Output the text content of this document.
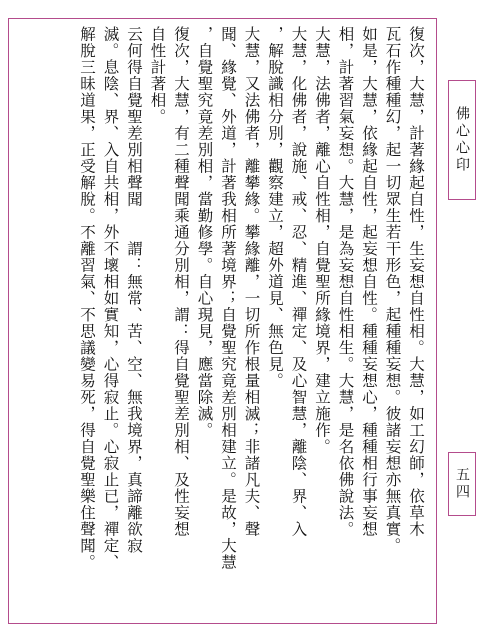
復次，大慧，計著緣起自性，生妄想自性相。大慧，如工幻師，依草木
瓦石作種種幻，起一切眾生若干形色，起種種妄想。彼諸妄想亦無真實。
如是，大慧，依緣起自性，起妄想自性。種種妄想心，種種相行事妄想
相，計著習氣妄想。大慧，是為妄想自性相生。大慧，是名依佛說法。
大慧，法佛者，離心自性相，自覺聖所緣境界，建立施作。
大慧，化佛者，說施、戒、忍、精進、禪定、及心智慧，離陰、界、入
，解脫識相分別，觀察建立，超外道見、無色見。
大慧，又法佛者，離攀緣。攀緣離，一切所作根量相滅；非諸凡夫、聲
聞、緣覺、外道，計著我相所著境界；自覺聖究竟差別相建立。是故，大慧
，自覺聖究竟差別相，當勤修學。自心現見，應當除滅。
復次，大慧，有二種聲聞乘通分別相，謂：得自覺聖差別相、及性妄想
自性計著相。
云何得自覺聖差別相聲聞　　謂：無常、苦、空、無我境界，真諦離欲寂
滅。息陰、界、入自共相，外不壞相如實知，心得寂止。心寂止已，禪定、
解脫三昧道果，正受解脫。不離習氣、不思議變易死，得自覺聖樂住聲聞。	佛心心印
五四
